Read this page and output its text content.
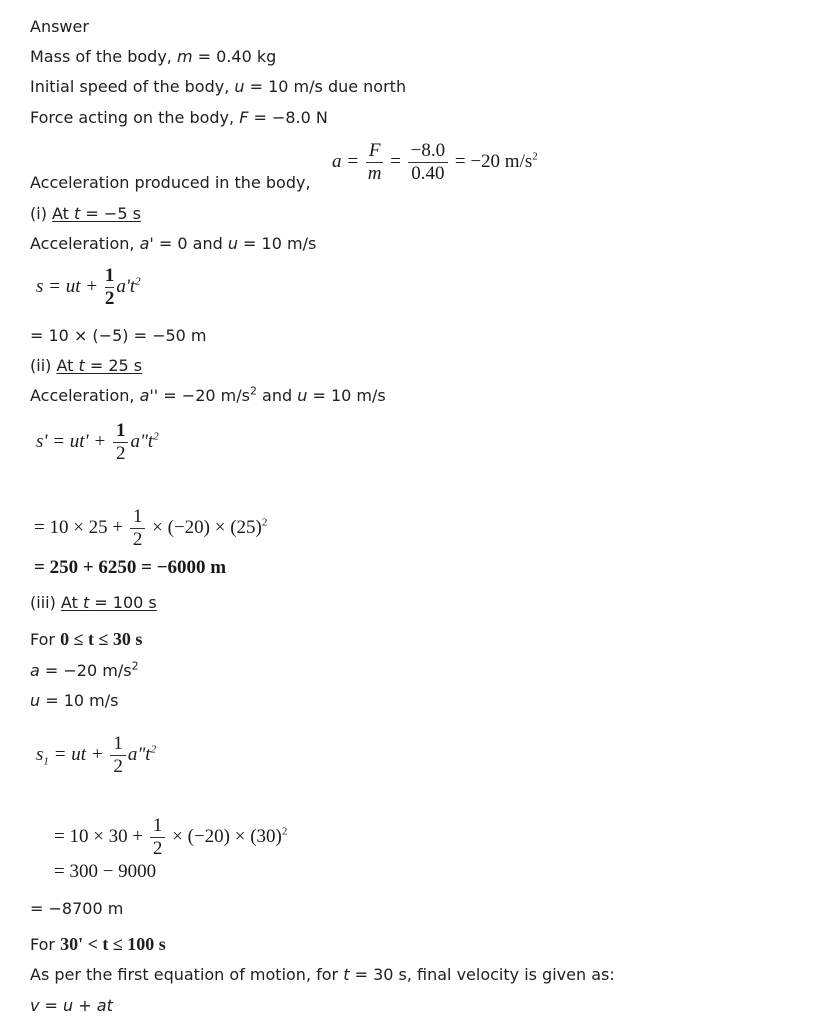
Answer
Mass of the body, m = 0.40 kg
Initial speed of the body, u = 10 m/s due north
Force acting on the body, F = −8.0 N
$a = \frac{F}{m} = \frac{-8.0}{0.40} = -20$ $m/s^2$
Acceleration produced in the body,
(i) At t = −5 s
Acceleration, a' = 0 and u = 10 m/s
s = ut + $\frac{1}{2} a't^2$
= 10 × (−5) = −50 m
(ii) At t = 25 s
Acceleration, a'' = −20 $m/s^2$ and u = 10 m/s
$s' = ut' + \frac{1}{2}$ $a"t^2$
= $10 \times 25 + \frac{1}{2} \times (-20) \times (25)^2$
= 250 + 6250 = −6000 m
(iii) At t = 100 s
For 0 ≤ t ≤ 30 s
a = −20 $m/s^2$
u = 10 m/s
$s_1$ = ut + $\frac{1}{2}$ $a"t^2$
= $10 \times 30 + \frac{1}{2} \times (-20) \times (30)^2$
= 300 − 9000
= −8700 m
For 30' < t ≤ 100 s
As per the first equation of motion, for t = 30 s, final velocity is given as:
v = u + at
